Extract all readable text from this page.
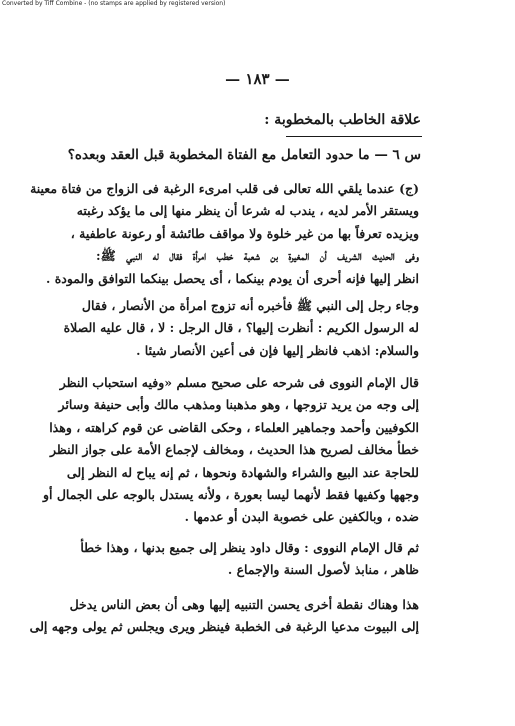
Converted by Tiff Combine - (no stamps are applied by registered version)
— ١٨٣ —
علاقة الخاطب بالمخطوبة :
س ٦ — ما حدود التعامل مع الفتاة المخطوبة قبل العقد وبعده؟
(ج) عندما يلقي الله تعالى فى قلب امرىء الرغبة فى الزواج من فتاة معينة
ويستقر الأمر لديه ، يندب له شرعا أن ينظر منها إلى ما يؤكد رغبته
ويزيده تعرفاً بها من غير خلوة ولا مواقف طائشة أو رعونة عاطفية ،
وفى الحديث الشريف أن المغيرة بن شعبة خطب امرأة فقال له النبي ﷺ:
انظر إليها فإنه أحرى أن يودم بينكما ، أى يحصل بينكما التوافق والمودة .
وجاء رجل إلى النبي ﷺ فأخبره أنه تزوج امرأة من الأنصار ، فقال
له الرسول الكريم : أنظرت إليها؟ ، قال الرجل : لا ، قال عليه الصلاة
والسلام: اذهب فانظر إليها فإن فى أعين الأنصار شيئا .
قال الإمام النووى فى شرحه على صحيح مسلم «وفيه استحباب النظر
إلى وجه من يريد تزوجها ، وهو مذهبنا ومذهب مالك وأبى حنيفة وسائر
الكوفيين وأحمد وجماهير العلماء ، وحكى القاضى عن قوم كراهته ، وهذا
خطأ مخالف لصريح هذا الحديث ، ومخالف لإجماع الأمة على جواز النظر
للحاجة عند البيع والشراء والشهادة ونحوها ، ثم إنه يباح له النظر إلى
وجهها وكفيها فقط لأنهما ليسا بعورة ، ولأنه يستدل بالوجه على الجمال أو
ضده ، وبالكفين على خصوبة البدن أو عدمها .
ثم قال الإمام النووى : وقال داود ينظر إلى جميع بدنها ، وهذا خطأ
ظاهر ، منابذ لأصول السنة والإجماع .
هذا وهناك نقطة أخرى يحسن التنبيه إليها وهى أن بعض الناس يدخل
إلى البيوت مدعيا الرغبة فى الخطبة فينظر ويرى ويجلس ثم يولى وجهه إلى
